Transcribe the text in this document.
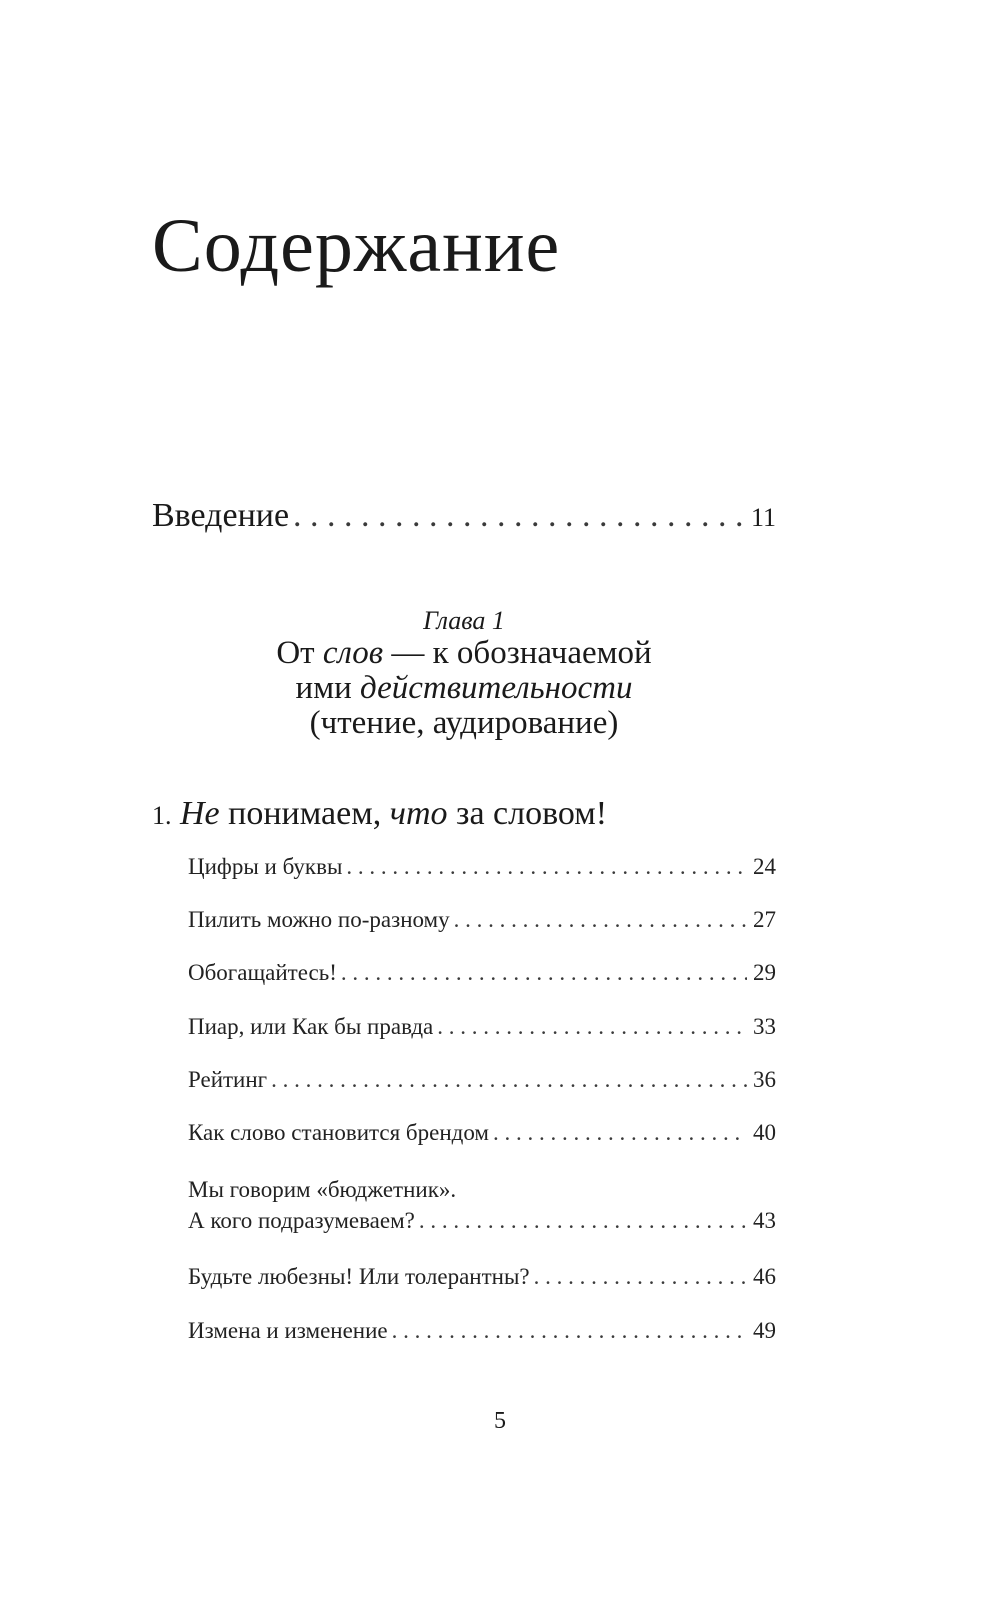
Содержание
Введение . . .	11
Глава 1
От слов — к обозначаемой
ими действительности
(чтение, аудирование)
1. Не понимаем, что за словом!
Цифры и буквы . . .	24
Пилить можно по-разному . . .	27
Обогащайтесь! . . .	29
Пиар, или Как бы правда . . .	33
Рейтинг . . .	36
Как слово становится брендом . . .	40
Мы говорим «бюджетник».
А кого подразумеваем? . . .	43
Будьте любезны! Или толерантны? . . .	46
Измена и изменение . . .	49
5
